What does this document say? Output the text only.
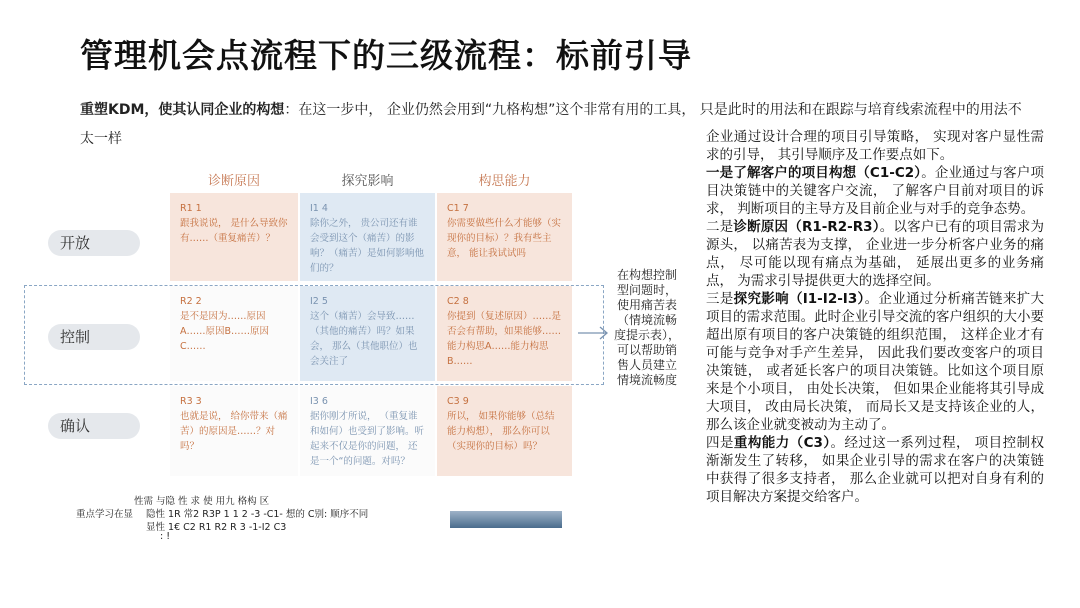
管理机会点流程下的三级流程：标前引导
重塑KDM，使其认同企业的构想：在这一步中， 企业仍然会用到“九格构想”这个非常有用的工具， 只是此时的用法和在跟踪与培育线索流程中的用法不太一样
诊断原因	探究影响	构思能力
开放
控制
确认
R1 1
跟我说说， 是什么导致你有……（重复痛苦）？
I1 4
除你之外， 贵公司还有谁会受到这个（痛苦）的影响？（痛苦）是如何影响他们的？
C1 7
你需要做些什么才能够（实现你的目标）？我有些主意， 能让我试试吗
R2 2
是不是因为……原因A……原因B……原因C……
I2 5
这个（痛苦）会导致……（其他的痛苦）吗？如果会， 那么（其他职位）也会关注了
C2 8
你提到（复述原因）……是否会有帮助，如果能够……能力构思A……能力构思B……
R3 3
也就是说， 给你带来（痛苦）的原因是……？对吗？
I3 6
据你刚才所说， （重复谁和如何）也受到了影响。听起来不仅是你的问题， 还是一个“的问题。对吗？
C3 9
所以， 如果你能够（总结能力构想）， 那么你可以（实现你的目标）吗？
在构想控制型问题时，使用痛苦表（情境流畅度提示表），可以帮助销售人员建立情境流畅度
企业通过设计合理的项目引导策略， 实现对客户显性需求的引导， 其引导顺序及工作要点如下。
一是了解客户的项目构想（C1-C2）。企业通过与客户项目决策链中的关键客户交流， 了解客户目前对项目的诉求， 判断项目的主导方及目前企业与对手的竞争态势。
二是诊断原因（R1-R2-R3）。以客户已有的项目需求为源头， 以痛苦表为支撑， 企业进一步分析客户业务的痛点， 尽可能以现有痛点为基础， 延展出更多的业务痛点， 为需求引导提供更大的选择空间。
三是探究影响（I1-I2-I3）。企业通过分析痛苦链来扩大项目的需求范围。此时企业引导交流的客户组织的大小要超出原有项目的客户决策链的组织范围， 这样企业才有可能与竞争对手产生差异， 因此我们要改变客户的项目决策链， 或者延长客户的项目决策链。比如这个项目原来是个小项目， 由处长决策， 但如果企业能将其引导成大项目， 改由局长决策， 而局长又是支持该企业的人， 那么该企业就变被动为主动了。
四是重构能力（C3）。经过这一系列过程， 项目控制权渐渐发生了转移， 如果企业引导的需求在客户的决策链中获得了很多支持者， 那么企业就可以把对自身有利的项目解决方案提交给客户。
重点学习在显
性需 与隐 性 求 使 用九 格构 区
隐性 1R 常2 R3P 1 1 2 -3 -C1- 想的 C别: 顺序不同
显性 1€ C2 R1 R2 R 3 -1-I2 C3
: !
